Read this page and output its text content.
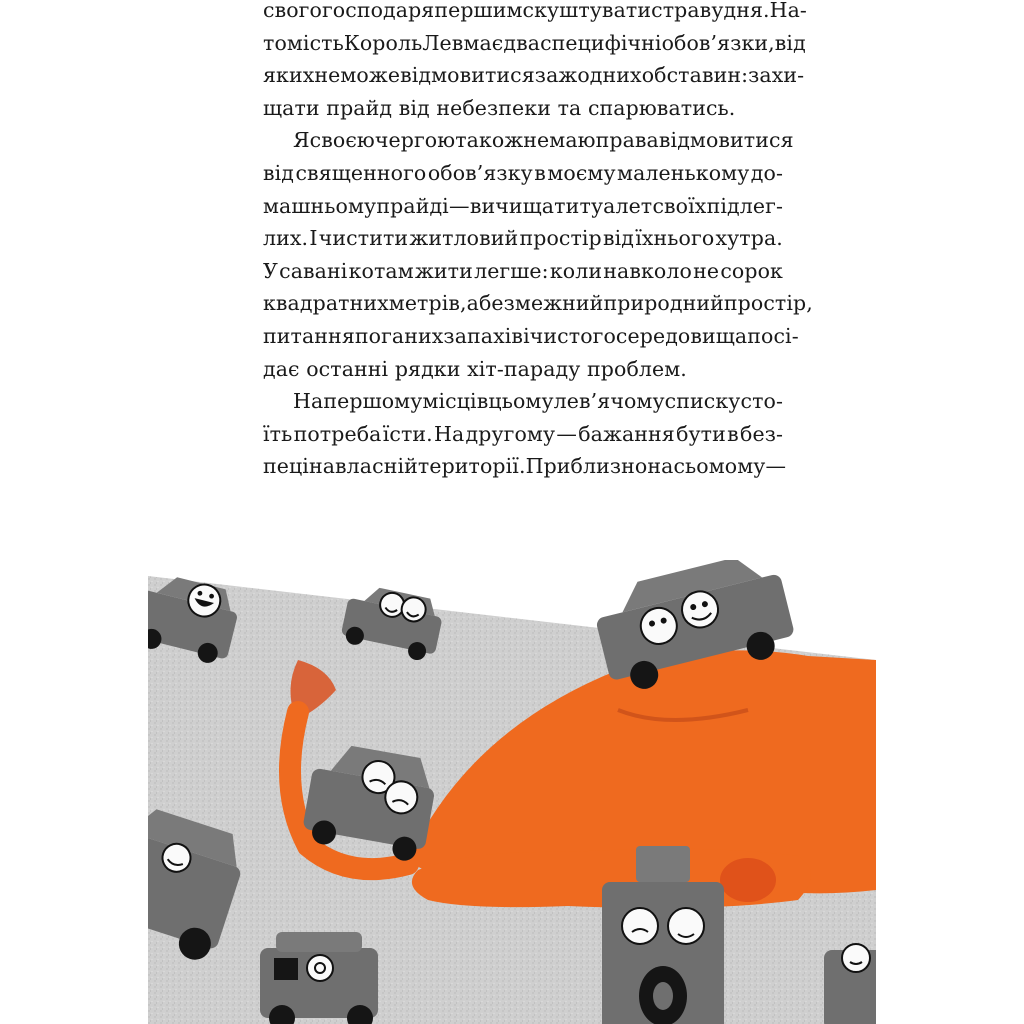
свого господаря першим скуштувати страву дня. На-
томість Король Лев має два специфічні обов’язки, від
яких не може відмовитися за жодних обставин: захи-
щати прайд від небезпеки та спарюватись.
Я своєю чергою також не маю права відмовитися
від священного обов’язку в моєму маленькому до-
машньому прайді — вичищати туалет своїх підлег-
лих. І чистити житловий простір від їхнього хутра.
У савані котам жити легше: коли навколо не сорок
квадратних метрів, а безмежний природний простір,
питання поганих запахів і чистого середовища посі-
дає останні рядки хіт-параду проблем.
На першому місці в цьому лев’ячому списку сто-
їть потреба їсти. На другому — бажання бути в без-
пеці на власній території. Приблизно на сьомому —
